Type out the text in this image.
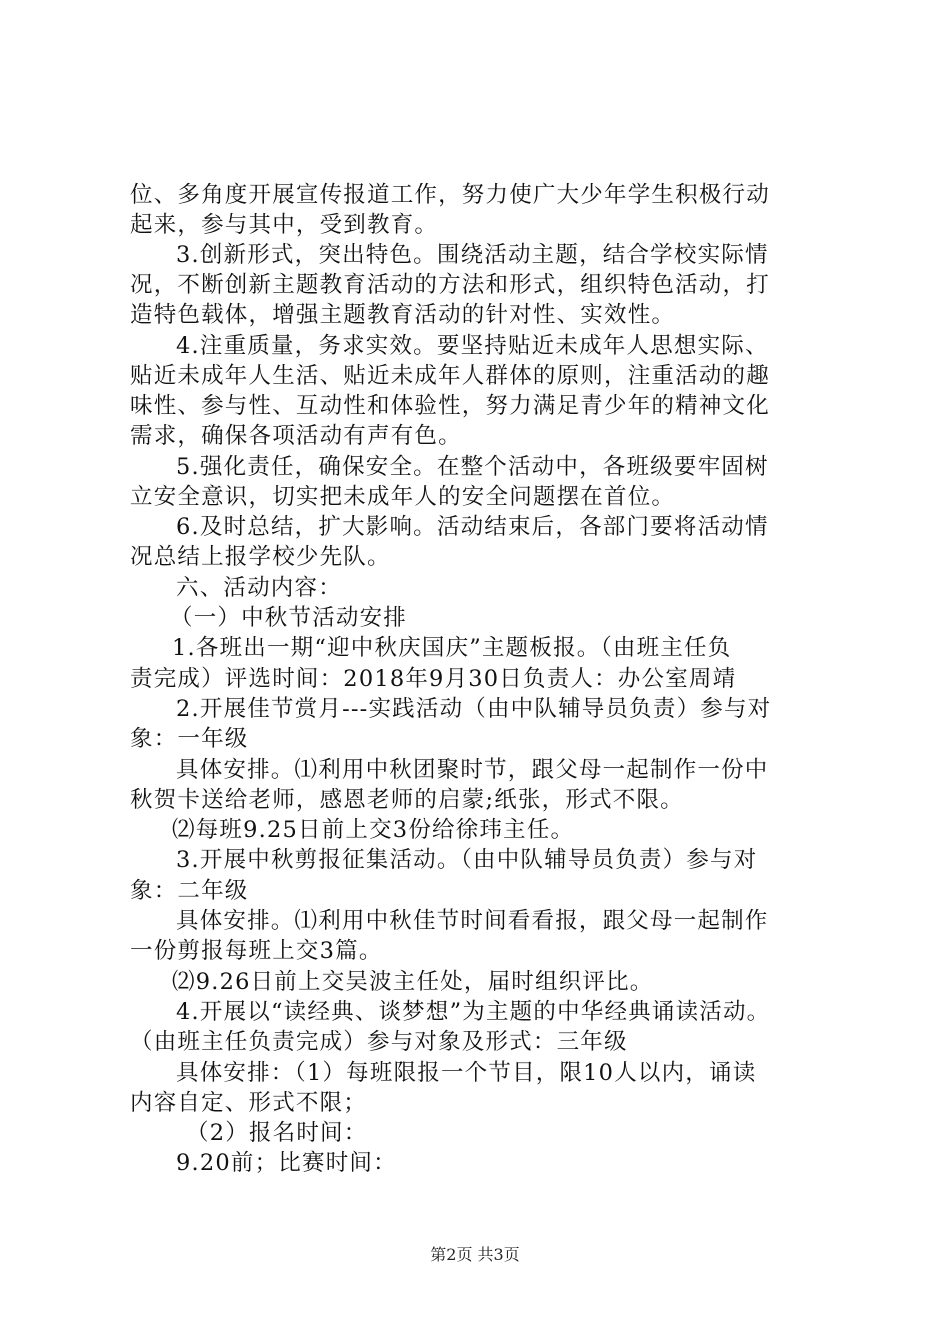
位、多角度开展宣传报道工作，努力使广大少年学生积极行动
起来，参与其中，受到教育。
3.创新形式，突出特色。围绕活动主题，结合学校实际情
况，不断创新主题教育活动的方法和形式，组织特色活动，打
造特色载体，增强主题教育活动的针对性、实效性。
4.注重质量，务求实效。要坚持贴近未成年人思想实际、
贴近未成年人生活、贴近未成年人群体的原则，注重活动的趣
味性、参与性、互动性和体验性，努力满足青少年的精神文化
需求，确保各项活动有声有色。
5.强化责任，确保安全。在整个活动中，各班级要牢固树
立安全意识，切实把未成年人的安全问题摆在首位。
6.及时总结，扩大影响。活动结束后，各部门要将活动情
况总结上报学校少先队。
六、活动内容：
（一）中秋节活动安排
1.各班出一期“迎中秋庆国庆”主题板报。（由班主任负
责完成）评选时间：2018年9月30日负责人：办公室周靖
2.开展佳节赏月---实践活动（由中队辅导员负责）参与对
象：一年级
具体安排。⑴利用中秋团聚时节，跟父母一起制作一份中
秋贺卡送给老师，感恩老师的启蒙;纸张，形式不限。
⑵每班9.25日前上交3份给徐玮主任。
3.开展中秋剪报征集活动。（由中队辅导员负责）参与对
象：二年级
具体安排。⑴利用中秋佳节时间看看报，跟父母一起制作
一份剪报每班上交3篇。
⑵9.26日前上交吴波主任处，届时组织评比。
4.开展以“读经典、谈梦想”为主题的中华经典诵读活动。
（由班主任负责完成）参与对象及形式：三年级
具体安排：（1）每班限报一个节目，限10人以内，诵读
内容自定、形式不限；
（2）报名时间：
9.20前；比赛时间：
第2页 共3页
